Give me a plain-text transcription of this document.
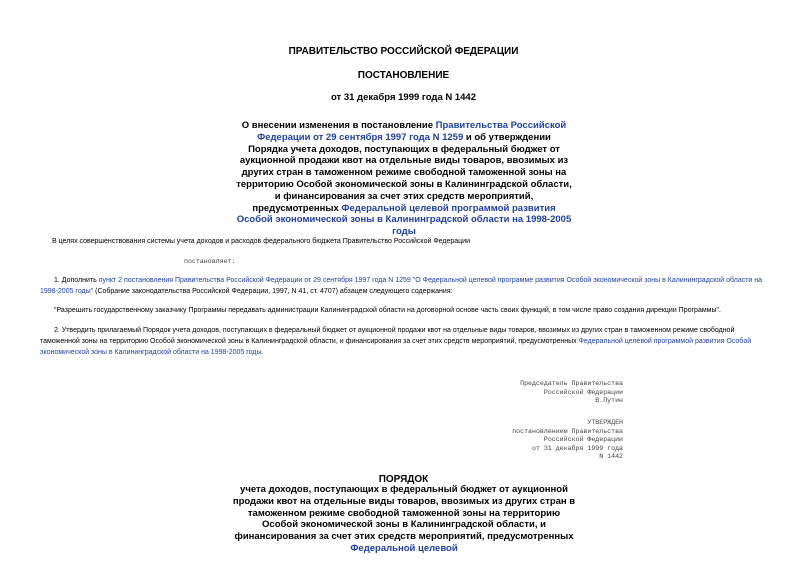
ПРАВИТЕЛЬСТВО РОССИЙСКОЙ ФЕДЕРАЦИИ
ПОСТАНОВЛЕНИЕ
от 31 декабря 1999 года N 1442
О внесении изменения в постановление Правительства Российской Федерации от 29 сентября 1997 года N 1259 и об утверждении Порядка учета доходов, поступающих в федеральный бюджет от аукционной продажи квот на отдельные виды товаров, ввозимых из других стран в таможенном режиме свободной таможенной зоны на территорию Особой экономической зоны в Калининградской области, и финансирования за счет этих средств мероприятий, предусмотренных Федеральной целевой программой развития Особой экономической зоны в Калининградской области на 1998-2005 годы
В целях совершенствования системы учета доходов и расходов федерального бюджета Правительство Российской Федерации
постановляет:
1. Дополнить пункт 2 постановления Правительства Российской Федерации от 29 сентября 1997 года N 1259 "О Федеральной целевой программе развития Особой экономической зоны в Калининградской области на 1998-2005 годы" (Собрание законодательства Российской Федерации, 1997, N 41, ст. 4707) абзацем следующего содержания:
"Разрешить государственному заказчику Программы передавать администрации Калининградской области на договорной основе часть своих функций, в том числе право создания дирекции Программы".
2. Утвердить прилагаемый Порядок учета доходов, поступающих в федеральный бюджет от аукционной продажи квот на отдельные виды товаров, ввозимых из других стран в таможенном режиме свободной таможенной зоны на территорию Особой экономической зоны в Калининградской области, и финансирования за счет этих средств мероприятий, предусмотренных Федеральной целевой программой развития Особой экономической зоны в Калининградской области на 1998-2005 годы.
Председатель Правительства
Российской Федерации
В.Путин
УТВЕРЖДЕН
постановлением Правительства
Российской Федерации
от 31 декабря 1999 года
N 1442
ПОРЯДОК
учета доходов, поступающих в федеральный бюджет от аукционной продажи квот на отдельные виды товаров, ввозимых из других стран в таможенном режиме свободной таможенной зоны на территорию Особой экономической зоны в Калининградской области, и финансирования за счет этих средств мероприятий, предусмотренных Федеральной целевой
